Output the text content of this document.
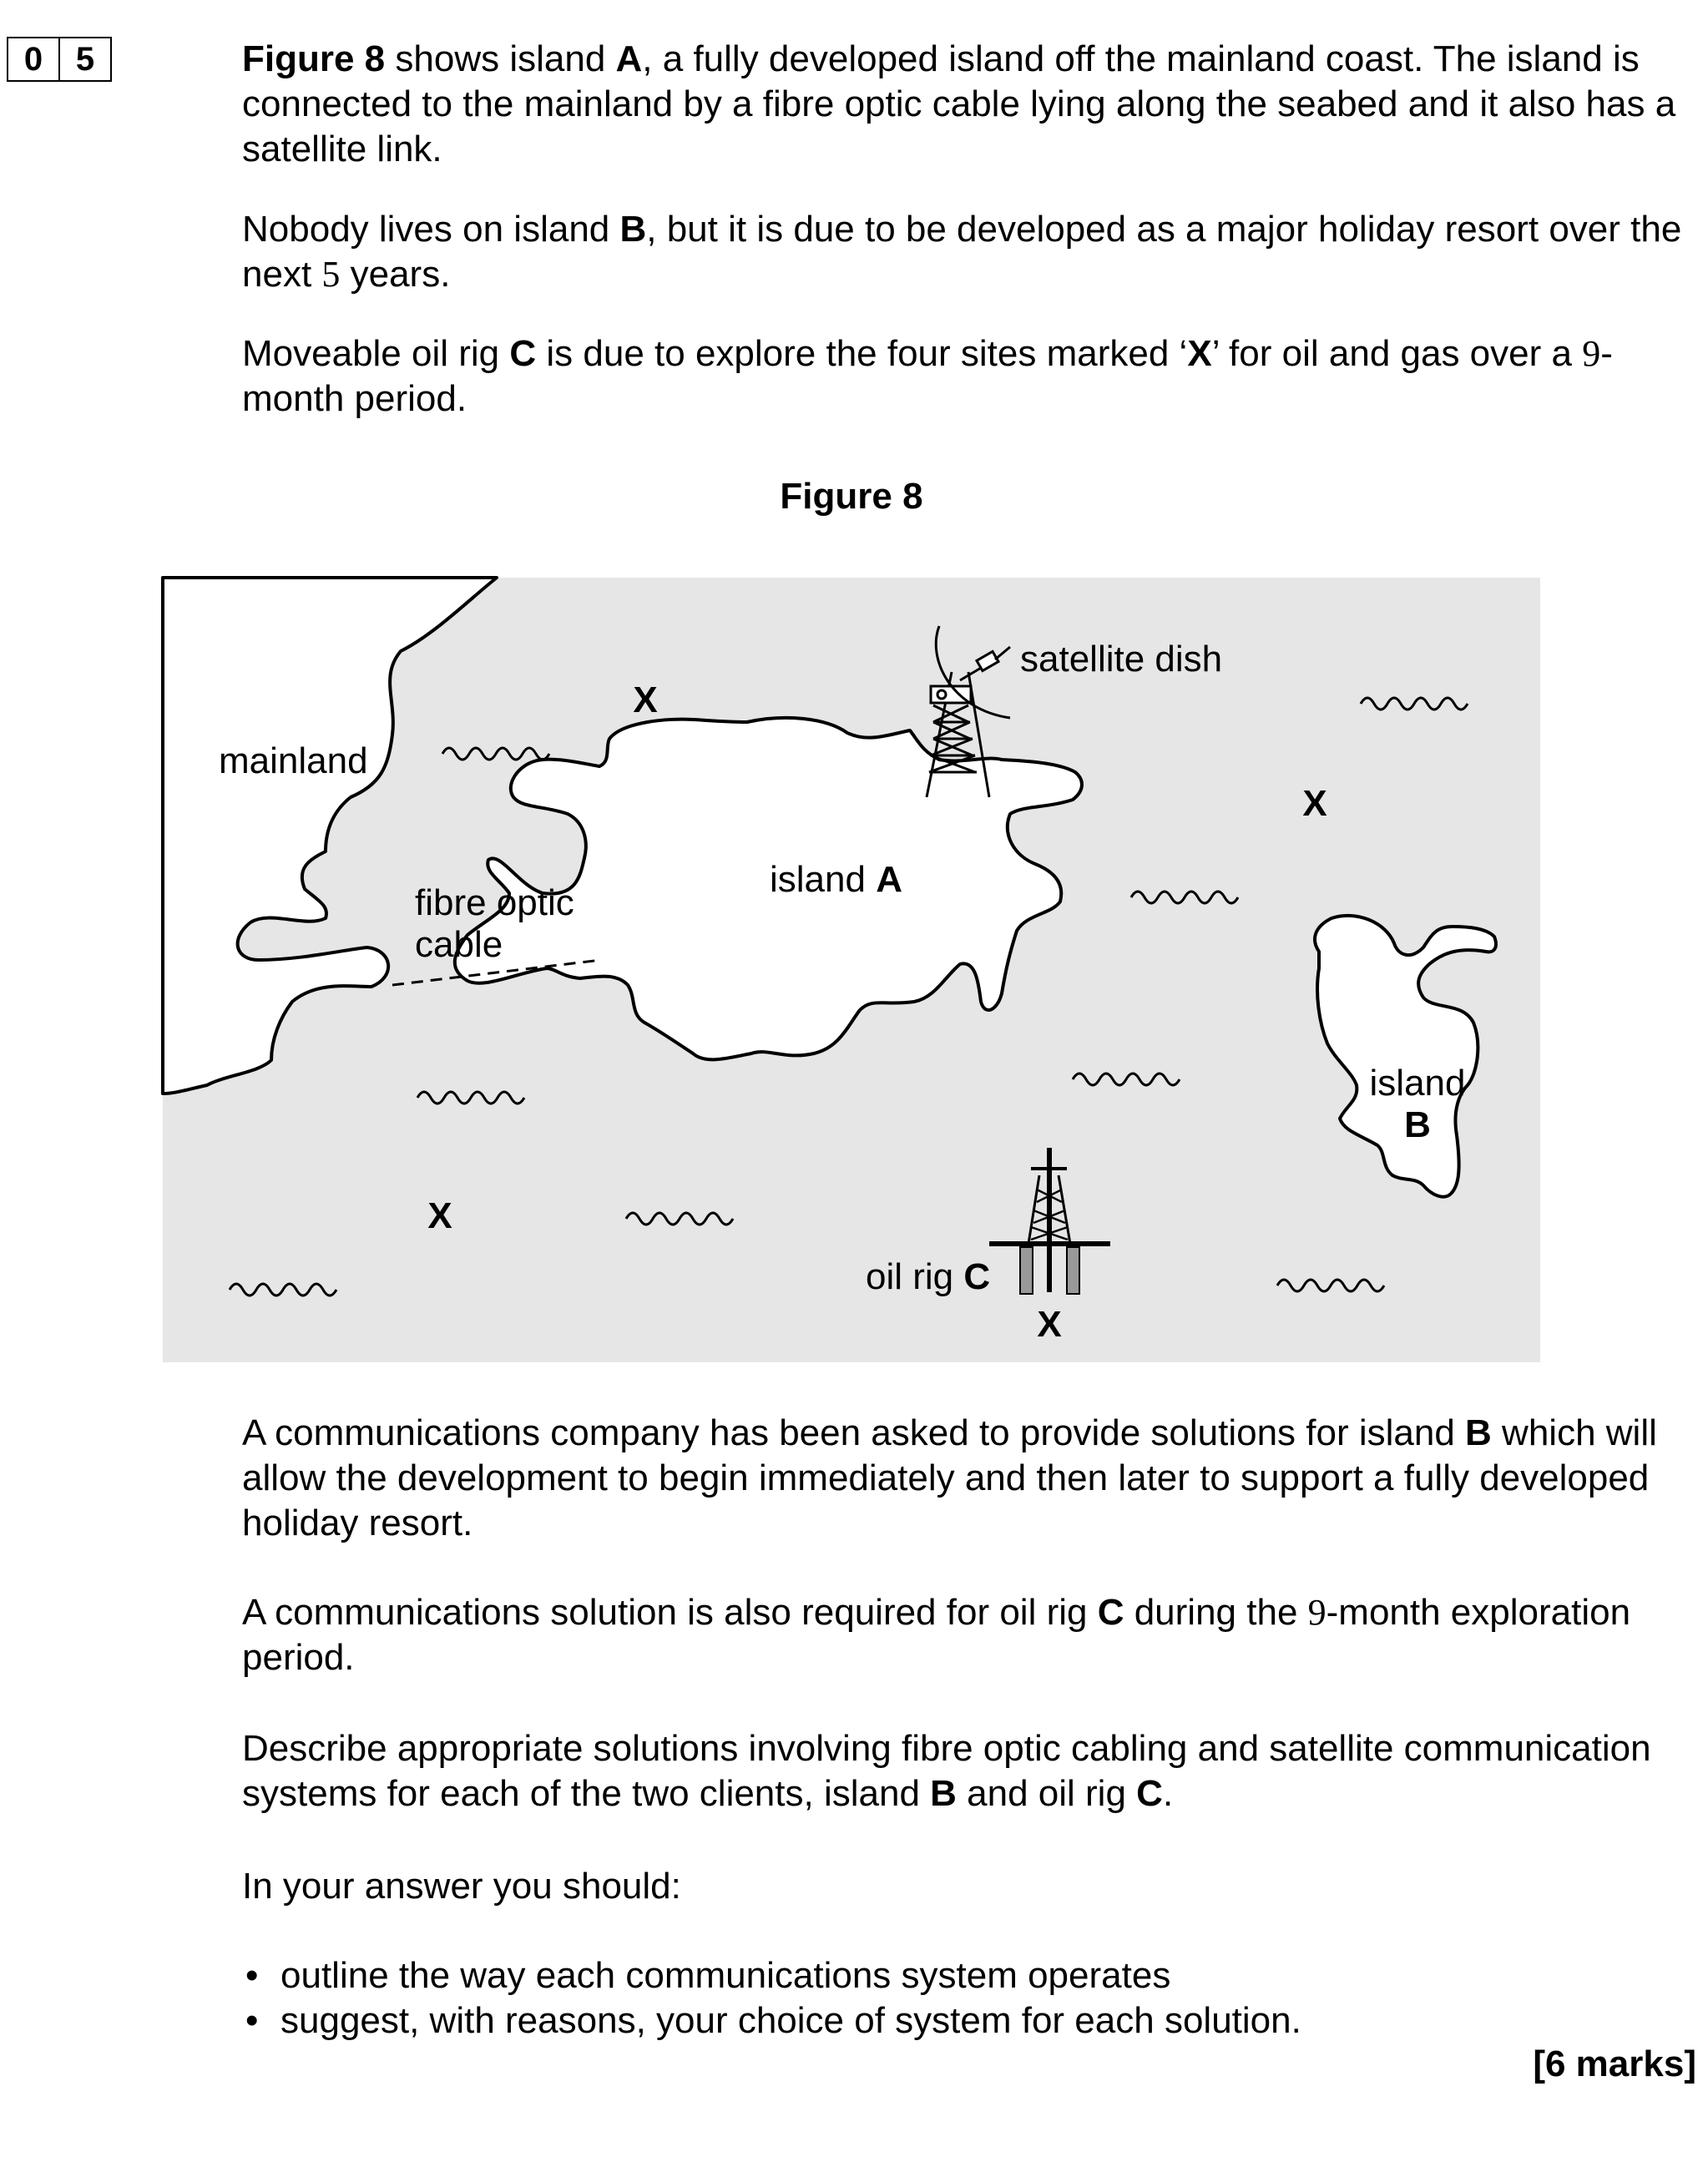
0 5	Figure 8 shows island A, a fully developed island off the mainland coast. The island is connected to the mainland by a fibre optic cable lying along the seabed and it also has a satellite link.

Nobody lives on island B, but it is due to be developed as a major holiday resort over the next 5 years.

Moveable oil rig C is due to explore the four sites marked ‘X’ for oil and gas over a 9-month period.

Figure 8
mainland
fibre optic
cable
satellite dish
island A
island
B
oil rig C
X
X
X
X

A communications company has been asked to provide solutions for island B which will allow the development to begin immediately and then later to support a fully developed holiday resort.

A communications solution is also required for oil rig C during the 9-month exploration period.

Describe appropriate solutions involving fibre optic cabling and satellite communication systems for each of the two clients, island B and oil rig C.

In your answer you should:

• outline the way each communications system operates
• suggest, with reasons, your choice of system for each solution.
[6 marks]
